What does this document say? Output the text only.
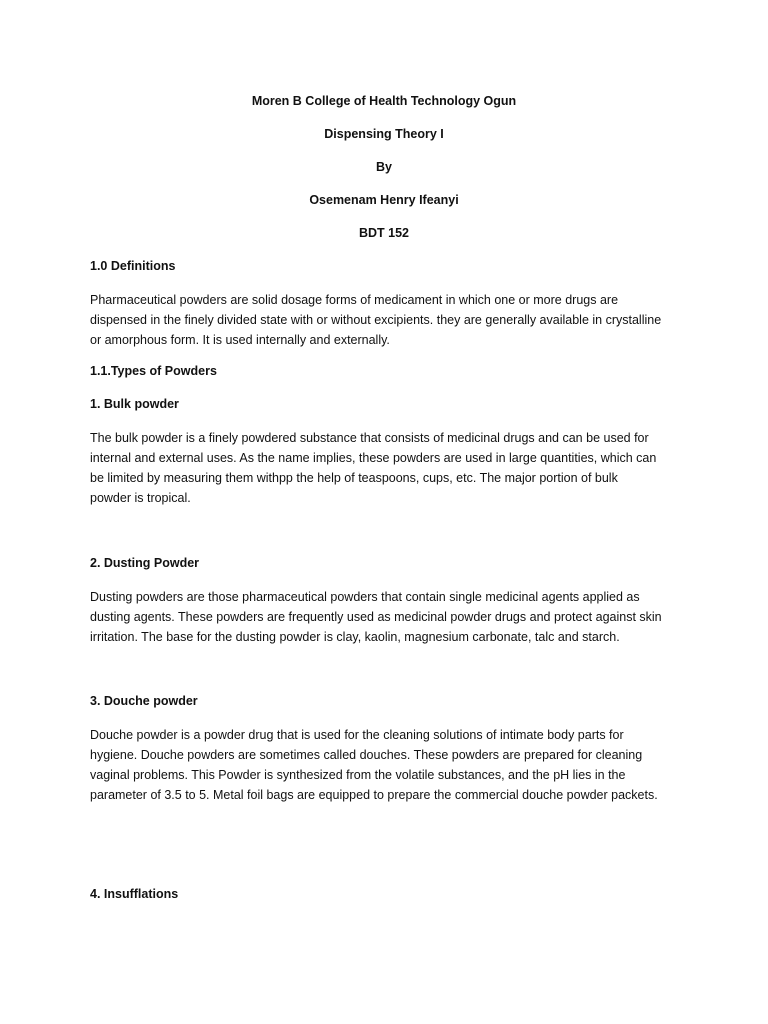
Moren B College of Health Technology Ogun
Dispensing Theory I
By
Osemenam Henry Ifeanyi
BDT 152
1.0 Definitions
Pharmaceutical powders are solid dosage forms of medicament in which one or more drugs are
dispensed in the finely divided state with or without excipients. they are generally available in crystalline
or amorphous form. It is used internally and externally.
1.1.Types of Powders
1. Bulk powder
The bulk powder is a finely powdered substance that consists of medicinal drugs and can be used for
internal and external uses. As the name implies, these powders are used in large quantities, which can
be limited by measuring them withpp the help of teaspoons, cups, etc. The major portion of bulk
powder is tropical.
2. Dusting Powder
Dusting powders are those pharmaceutical powders that contain single medicinal agents applied as
dusting agents. These powders are frequently used as medicinal powder drugs and protect against skin
irritation. The base for the dusting powder is clay, kaolin, magnesium carbonate, talc and starch.
3. Douche powder
Douche powder is a powder drug that is used for the cleaning solutions of intimate body parts for
hygiene. Douche powders are sometimes called douches. These powders are prepared for cleaning
vaginal problems. This Powder is synthesized from the volatile substances, and the pH lies in the
parameter of 3.5 to 5. Metal foil bags are equipped to prepare the commercial douche powder packets.
4. Insufflations
